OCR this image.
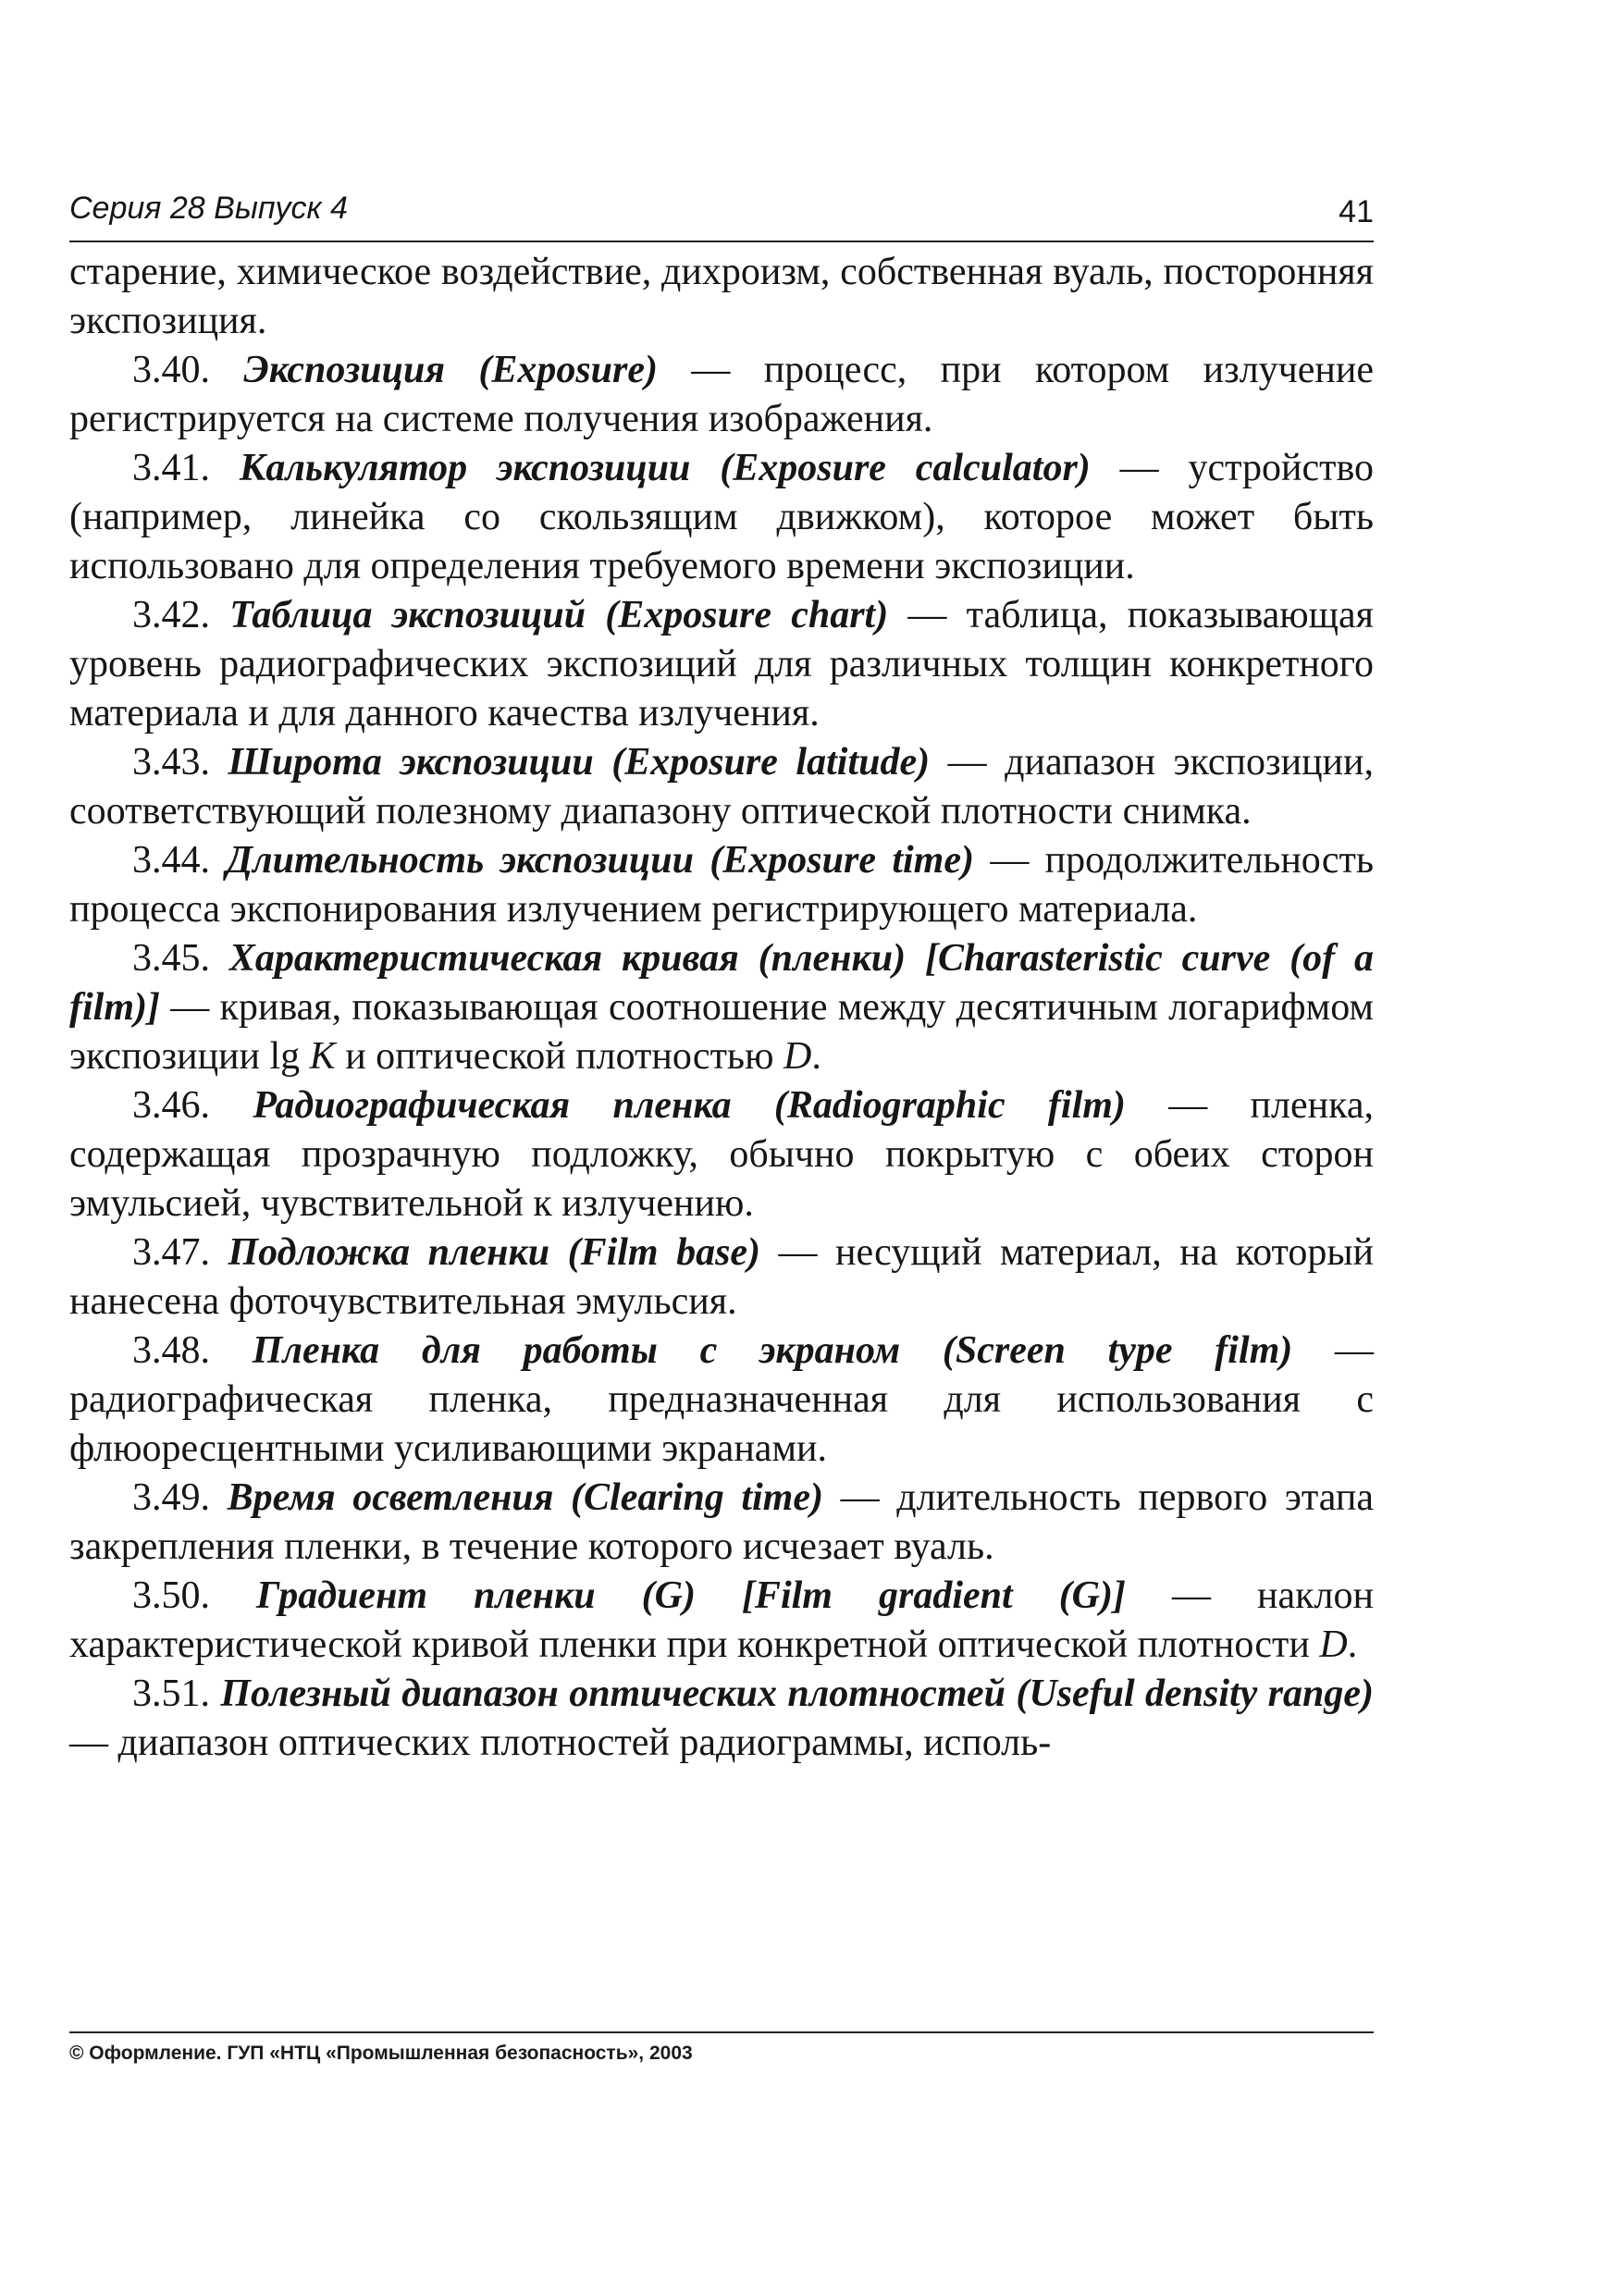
Серия 28 Выпуск 4	41

старение, химическое воздействие, дихроизм, собственная вуаль, посторонняя экспозиция.

3.40. Экспозиция (Exposure) — процесс, при котором излучение регистрируется на системе получения изображения.

3.41. Калькулятор экспозиции (Exposure calculator) — устройство (например, линейка со скользящим движком), которое может быть использовано для определения требуемого времени экспозиции.

3.42. Таблица экспозиций (Exposure chart) — таблица, показывающая уровень радиографических экспозиций для различных толщин конкретного материала и для данного качества излучения.

3.43. Широта экспозиции (Exposure latitude) — диапазон экспозиции, соответствующий полезному диапазону оптической плотности снимка.

3.44. Длительность экспозиции (Exposure time) — продолжительность процесса экспонирования излучением регистрирующего материала.

3.45. Характеристическая кривая (пленки) [Charasteristic curve (of a film)] — кривая, показывающая соотношение между десятичным логарифмом экспозиции lg K и оптической плотностью D.

3.46. Радиографическая пленка (Radiographic film) — пленка, содержащая прозрачную подложку, обычно покрытую с обеих сторон эмульсией, чувствительной к излучению.

3.47. Подложка пленки (Film base) — несущий материал, на который нанесена фоточувствительная эмульсия.

3.48. Пленка для работы с экраном (Screen type film) — радиографическая пленка, предназначенная для использования с флюоресцентными усиливающими экранами.

3.49. Время осветления (Clearing time) — длительность первого этапа закрепления пленки, в течение которого исчезает вуаль.

3.50. Градиент пленки (G) [Film gradient (G)] — наклон характеристической кривой пленки при конкретной оптической плотности D.

3.51. Полезный диапазон оптических плотностей (Useful density range) — диапазон оптических плотностей радиограммы, исполь-

© Оформление. ГУП «НТЦ «Промышленная безопасность», 2003
